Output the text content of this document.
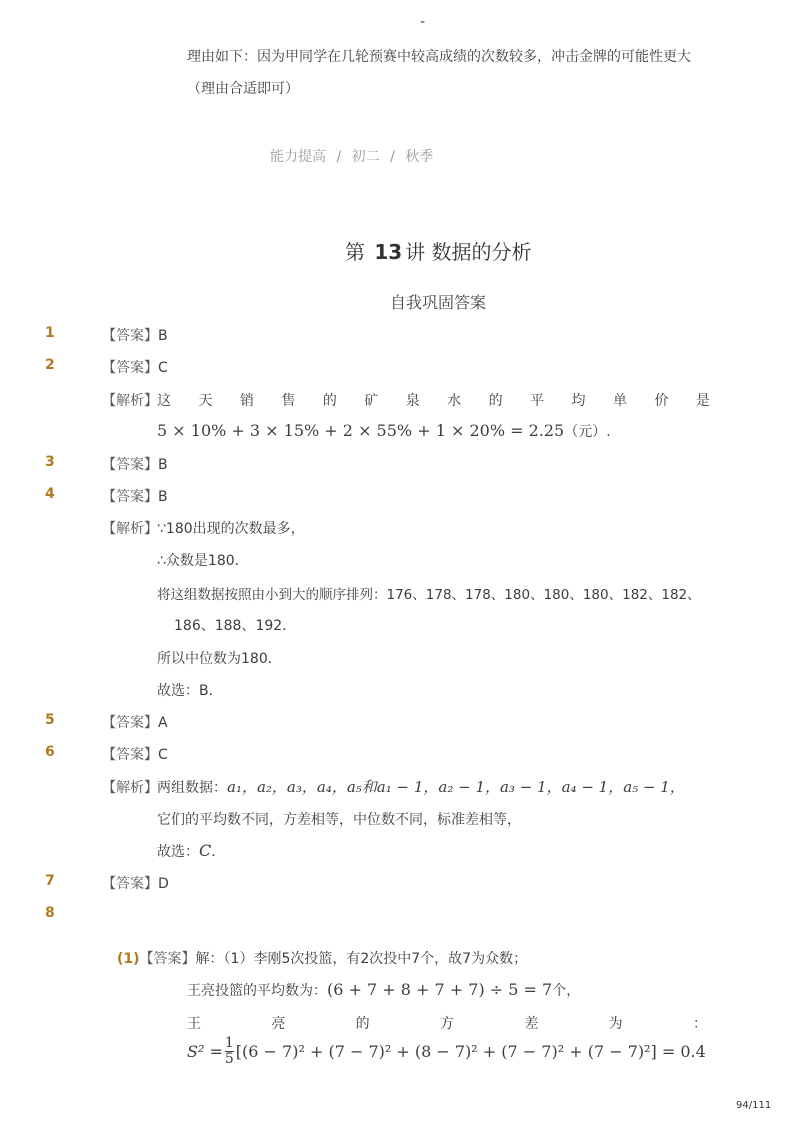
-
理由如下：因为甲同学在几轮预赛中较高成绩的次数较多，冲击金牌的可能性更大
（理由合适即可）
能力提高 / 初二 / 秋季
第 13 讲 数据的分析
自我巩固答案
1	【答案】B
2	【答案】C
【解析】 这 天 销 售 的 矿 泉 水 的 平 均 单 价 是
5 × 10% + 3 × 15% + 2 × 55% + 1 × 20% = 2.25（元）.
3	【答案】B
4	【答案】B
【解析】 ∵180出现的次数最多，
∴众数是180．
将这组数据按照由小到大的顺序排列：176、178、178、180、180、180、182、182、
186、188、192．
所以中位数为180．
故选：B．
5	【答案】A
6	【答案】C
【解析】 两组数据：a₁，a₂，a₃，a₄，a₅和a₁ − 1，a₂ − 1，a₃ − 1，a₄ − 1，a₅ − 1，
它们的平均数不同，方差相等，中位数不同，标准差相等，
故选：C．
7	【答案】D
8
(1)【答案】解：（1）李刚5次投篮，有2次投中7个，故7为众数；
王亮投篮的平均数为：(6 + 7 + 8 + 7 + 7) ÷ 5 = 7个，
王	亮	的	方	差	为	：
$S^2 = \frac{1}{5} [(6 - 7)^2 + (7 - 7)^2 + (8 - 7)^2 + (7 - 7)^2 + (7 - 7)^2] = 0.4$
94/111
